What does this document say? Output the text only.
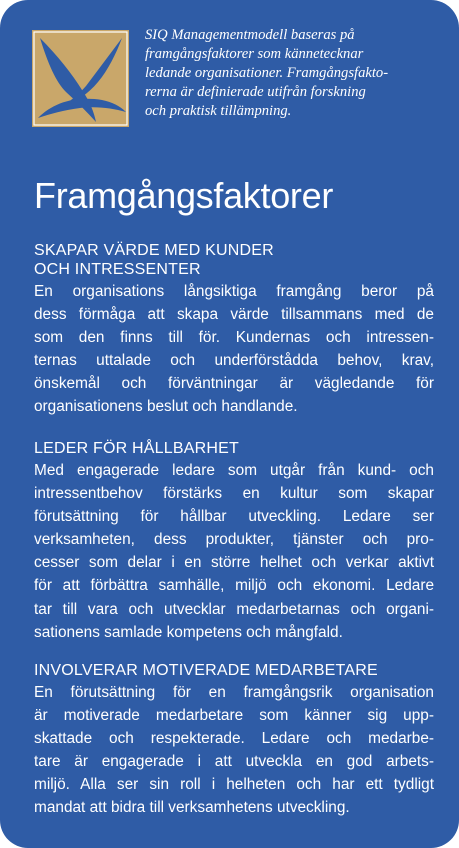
SIQ Managementmodell baseras på
framgångsfaktorer som kännetecknar
ledande organisationer. Framgångsfakto-
rerna är definierade utifrån forskning
och praktisk tillämpning.
Framgångsfaktorer
SKAPAR VÄRDE MED KUNDER
OCH INTRESSENTER
En organisations långsiktiga framgång beror på
dess förmåga att skapa värde tillsammans med de
som den finns till för. Kundernas och intressen-
ternas uttalade och underförstådda behov, krav,
önskemål och förväntningar är vägledande för
organisationens beslut och handlande.
LEDER FÖR HÅLLBARHET
Med engagerade ledare som utgår från kund- och
intressentbehov förstärks en kultur som skapar
förutsättning för hållbar utveckling. Ledare ser
verksamheten, dess produkter, tjänster och pro-
cesser som delar i en större helhet och verkar aktivt
för att förbättra samhälle, miljö och ekonomi. Ledare
tar till vara och utvecklar medarbetarnas och organi-
sationens samlade kompetens och mångfald.
INVOLVERAR MOTIVERADE MEDARBETARE
En förutsättning för en framgångsrik organisation
är motiverade medarbetare som känner sig upp-
skattade och respekterade. Ledare och medarbe-
tare är engagerade i att utveckla en god arbets-
miljö. Alla ser sin roll i helheten och har ett tydligt
mandat att bidra till verksamhetens utveckling.
